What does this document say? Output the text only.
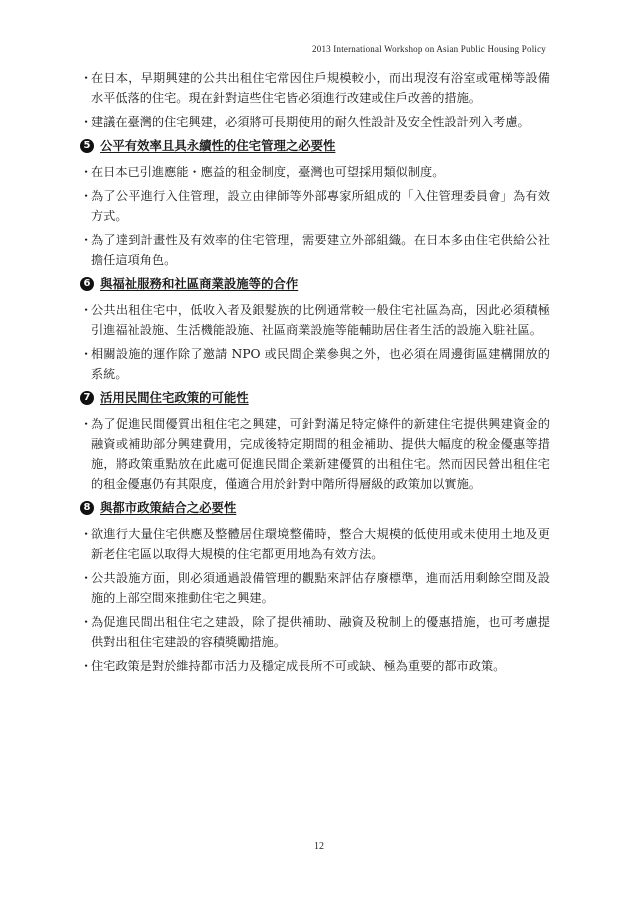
2013 International Workshop on Asian Public Housing Policy
・
在日本，早期興建的公共出租住宅常因住戶規模較小，而出現沒有浴室或電梯等設備水平低落的住宅。現在針對這些住宅皆必須進行改建或住戶改善的措施。
・
建議在臺灣的住宅興建，必須將可長期使用的耐久性設計及安全性設計列入考慮。
5 公平有效率且具永續性的住宅管理之必要性
・
在日本已引進應能・應益的租金制度，臺灣也可望採用類似制度。
・
為了公平進行入住管理，設立由律師等外部專家所組成的「入住管理委員會」為有效方式。
・
為了達到計畫性及有效率的住宅管理，需要建立外部組織。在日本多由住宅供給公社擔任這項角色。
6 與福祉服務和社區商業設施等的合作
・
公共出租住宅中，低收入者及銀髮族的比例通常較一般住宅社區為高，因此必須積極引進福祉設施、生活機能設施、社區商業設施等能輔助居住者生活的設施入駐社區。
・
相關設施的運作除了邀請 NPO 或民間企業參與之外，也必須在周邊街區建構開放的系統。
7 活用民間住宅政策的可能性
・
為了促進民間優質出租住宅之興建，可針對滿足特定條件的新建住宅提供興建資金的融資或補助部分興建費用，完成後特定期間的租金補助、提供大幅度的稅金優惠等措施，將政策重點放在此處可促進民間企業新建優質的出租住宅。然而因民營出租住宅的租金優惠仍有其限度，僅適合用於針對中階所得層級的政策加以實施。
8 與都市政策結合之必要性
・
欲進行大量住宅供應及整體居住環境整備時，整合大規模的低使用或未使用土地及更新老住宅區以取得大規模的住宅都更用地為有效方法。
・
公共設施方面，則必須通過設備管理的觀點來評估存廢標準，進而活用剩餘空間及設施的上部空間來推動住宅之興建。
・
為促進民間出租住宅之建設，除了提供補助、融資及稅制上的優惠措施，也可考慮提供對出租住宅建設的容積獎勵措施。
・
住宅政策是對於維持都市活力及穩定成長所不可或缺、極為重要的都市政策。
12
